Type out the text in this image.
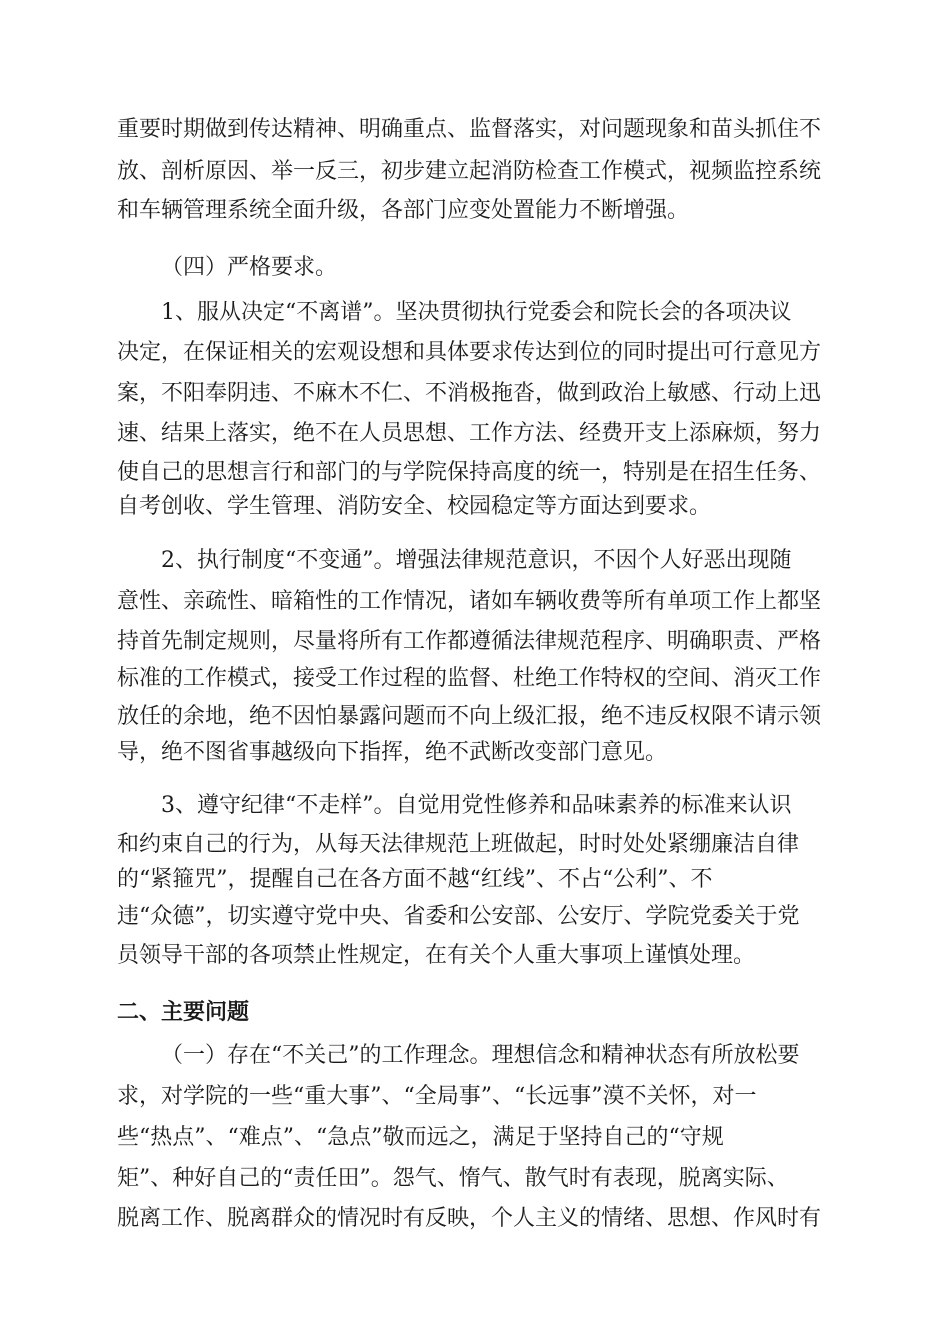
重要时期做到传达精神、明确重点、监督落实，对问题现象和苗头抓住不
放、剖析原因、举一反三，初步建立起消防检查工作模式，视频监控系统
和车辆管理系统全面升级，各部门应变处置能力不断增强。
（四）严格要求。
1、服从决定“不离谱”。坚决贯彻执行党委会和院长会的各项决议
决定，在保证相关的宏观设想和具体要求传达到位的同时提出可行意见方
案，不阳奉阴违、不麻木不仁、不消极拖沓，做到政治上敏感、行动上迅
速、结果上落实，绝不在人员思想、工作方法、经费开支上添麻烦，努力
使自己的思想言行和部门的与学院保持高度的统一，特别是在招生任务、
自考创收、学生管理、消防安全、校园稳定等方面达到要求。
2、执行制度“不变通”。增强法律规范意识，不因个人好恶出现随
意性、亲疏性、暗箱性的工作情况，诸如车辆收费等所有单项工作上都坚
持首先制定规则，尽量将所有工作都遵循法律规范程序、明确职责、严格
标准的工作模式，接受工作过程的监督、杜绝工作特权的空间、消灭工作
放任的余地，绝不因怕暴露问题而不向上级汇报，绝不违反权限不请示领
导，绝不图省事越级向下指挥，绝不武断改变部门意见。
3、遵守纪律“不走样”。自觉用党性修养和品味素养的标准来认识
和约束自己的行为，从每天法律规范上班做起，时时处处紧绷廉洁自律
的“紧箍咒”，提醒自己在各方面不越“红线”、不占“公利”、不
违“众德”，切实遵守党中央、省委和公安部、公安厅、学院党委关于党
员领导干部的各项禁止性规定，在有关个人重大事项上谨慎处理。
二、主要问题
（一）存在“不关己”的工作理念。理想信念和精神状态有所放松要
求，对学院的一些“重大事”、“全局事”、“长远事”漠不关怀，对一
些“热点”、“难点”、“急点”敬而远之，满足于坚持自己的“守规
矩”、种好自己的“责任田”。怨气、惰气、散气时有表现，脱离实际、
脱离工作、脱离群众的情况时有反映，个人主义的情绪、思想、作风时有
